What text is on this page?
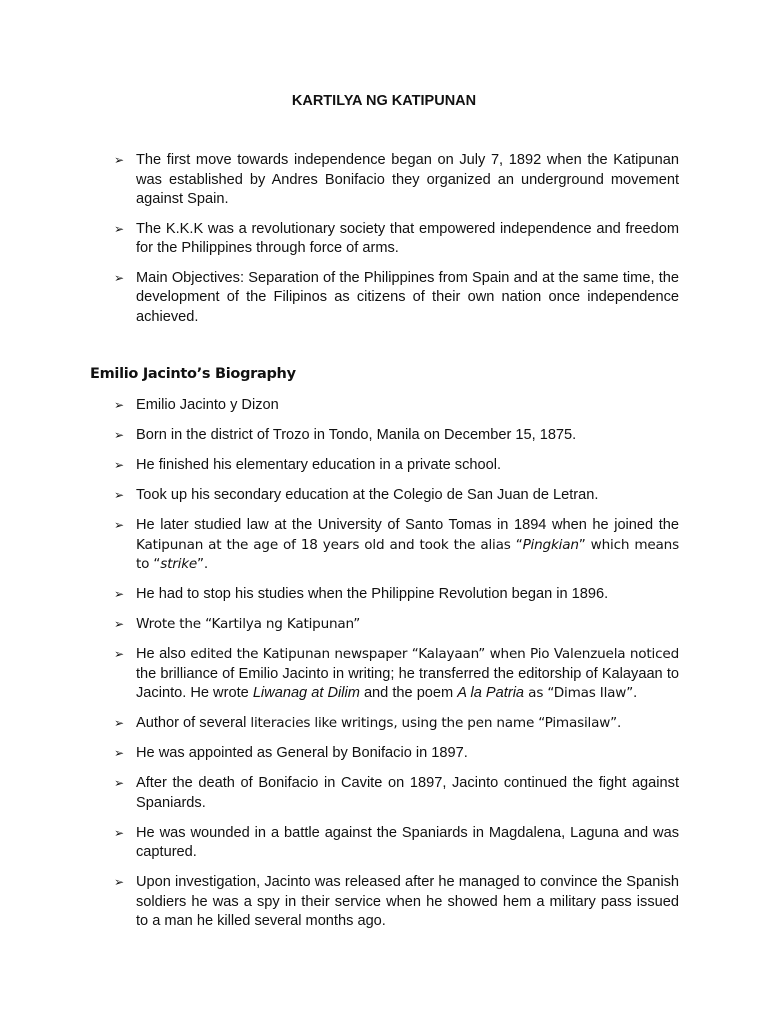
KARTILYA NG KATIPUNAN
➢ The first move towards independence began on July 7, 1892 when the Katipunan was established by Andres Bonifacio they organized an underground movement against Spain.
➢ The K.K.K was a revolutionary society that empowered independence and freedom for the Philippines through force of arms.
➢ Main Objectives: Separation of the Philippines from Spain and at the same time, the development of the Filipinos as citizens of their own nation once independence achieved.
Emilio Jacinto’s Biography
➢ Emilio Jacinto y Dizon
➢ Born in the district of Trozo in Tondo, Manila on December 15, 1875.
➢ He finished his elementary education in a private school.
➢ Took up his secondary education at the Colegio de San Juan de Letran.
➢ He later studied law at the University of Santo Tomas in 1894 when he joined the Katipunan at the age of 18 years old and took the alias “Pingkian” which means to “strike”.
➢ He had to stop his studies when the Philippine Revolution began in 1896.
➢ Wrote the “Kartilya ng Katipunan”
➢ He also edited the Katipunan newspaper “Kalayaan” when Pio Valenzuela noticed the brilliance of Emilio Jacinto in writing; he transferred the editorship of Kalayaan to Jacinto. He wrote Liwanag at Dilim and the poem A la Patria as “Dimas Ilaw”.
➢ Author of several literacies like writings, using the pen name “Pimasilaw”.
➢ He was appointed as General by Bonifacio in 1897.
➢ After the death of Bonifacio in Cavite on 1897, Jacinto continued the fight against Spaniards.
➢ He was wounded in a battle against the Spaniards in Magdalena, Laguna and was captured.
➢ Upon investigation, Jacinto was released after he managed to convince the Spanish soldiers he was a spy in their service when he showed hem a military pass issued to a man he killed several months ago.
